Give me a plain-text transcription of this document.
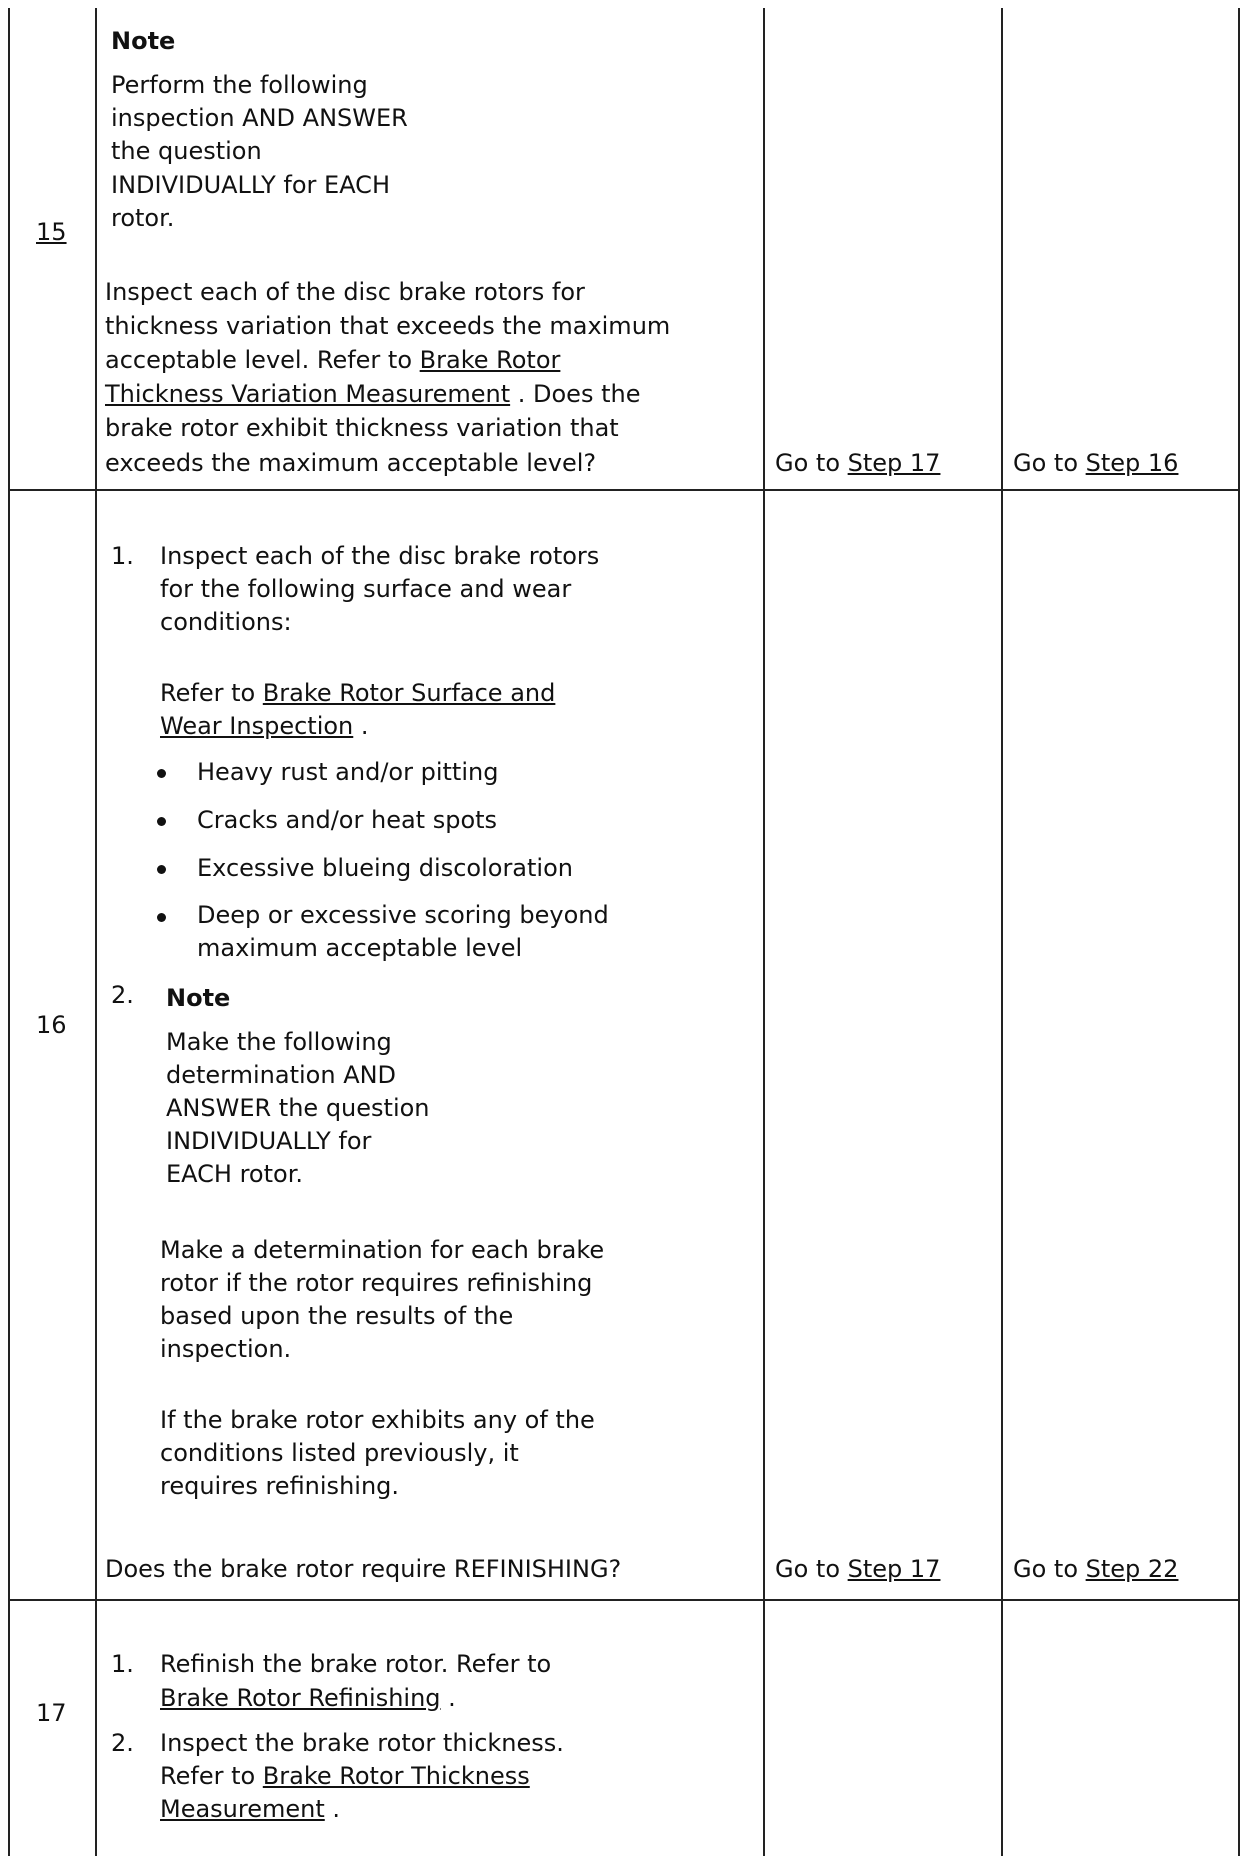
15
Note
Perform the following
inspection AND ANSWER
the question
INDIVIDUALLY for EACH
rotor.
Inspect each of the disc brake rotors for
thickness variation that exceeds the maximum
acceptable level. Refer to Brake Rotor
Thickness Variation Measurement . Does the
brake rotor exhibit thickness variation that
exceeds the maximum acceptable level?	Go to Step 17	Go to Step 16
16
1. Inspect each of the disc brake rotors
for the following surface and wear
conditions:
Refer to Brake Rotor Surface and
Wear Inspection .
Heavy rust and/or pitting
Cracks and/or heat spots
Excessive blueing discoloration
Deep or excessive scoring beyond
maximum acceptable level
2. Note
Make the following
determination AND
ANSWER the question
INDIVIDUALLY for
EACH rotor.
Make a determination for each brake
rotor if the rotor requires refinishing
based upon the results of the
inspection.
If the brake rotor exhibits any of the
conditions listed previously, it
requires refinishing.
Does the brake rotor require REFINISHING?	Go to Step 17	Go to Step 22
17
1. Refinish the brake rotor. Refer to
Brake Rotor Refinishing .
2. Inspect the brake rotor thickness.
Refer to Brake Rotor Thickness
Measurement .
